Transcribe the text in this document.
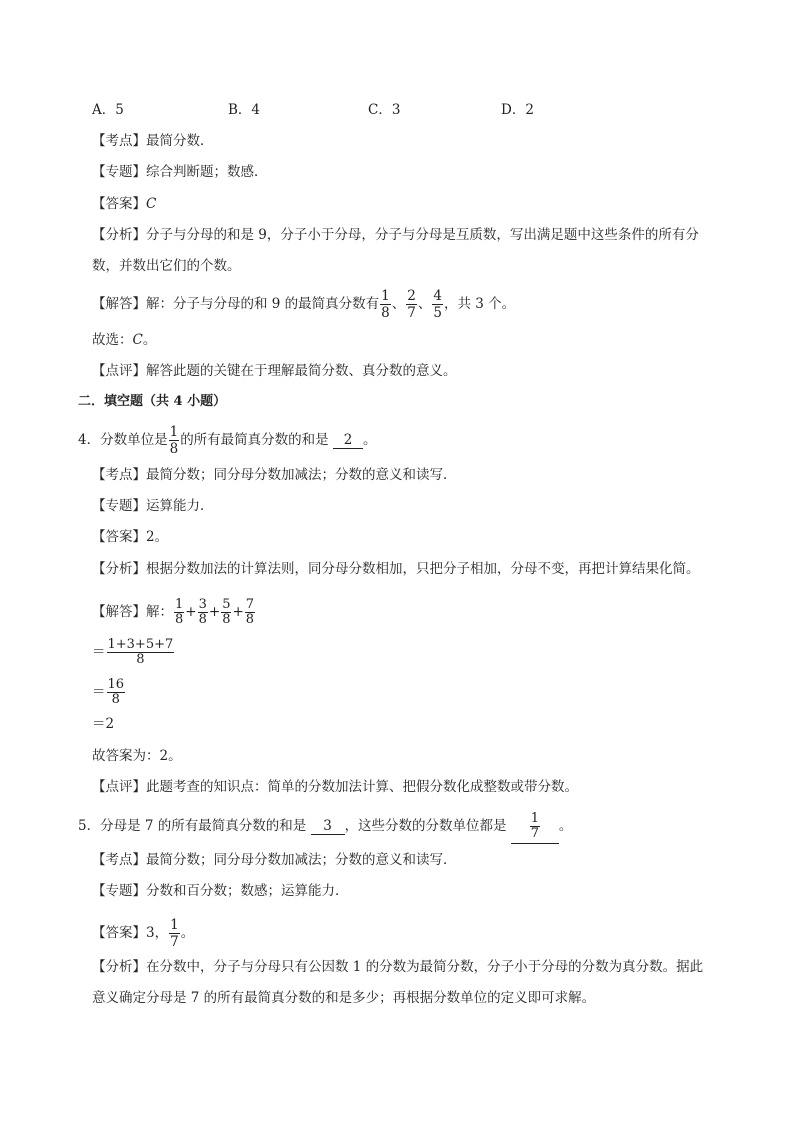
A．5	B．4	C．3	D．2
【考点】最简分数．
【专题】综合判断题；数感．
【答案】C
【分析】分子与分母的和是 9，分子小于分母，分子与分母是互质数，写出满足题中这些条件的所有分
数，并数出它们的个数。
【解答】解：分子与分母的和 9 的最简真分数有 $\frac{1}{8}$ 、 $\frac{2}{7}$ 、 $\frac{4}{5}$ ，共 3 个。
故选：C。
【点评】解答此题的关键在于理解最简分数、真分数的意义。
二．填空题（共 4 小题）
4．分数单位是 $\frac{1}{8}$ 的所有最简真分数的和是 2 。
【考点】最简分数；同分母分数加减法；分数的意义和读写．
【专题】运算能力．
【答案】2。
【分析】根据分数加法的计算法则，同分母分数相加，只把分子相加，分母不变，再把计算结果化简。
【解答】解： $\frac{1}{8} + \frac{3}{8} + \frac{5}{8} + \frac{7}{8}$
＝ $\frac{1+3+5+7}{8}$
＝ $\frac{16}{8}$
＝2
故答案为：2。
【点评】此题考查的知识点：简单的分数加法计算、把假分数化成整数或带分数。
5．分母是 7 的所有最简真分数的和是 3 ，这些分数的分数单位都是 $\frac{1}{7}$ 。
【考点】最简分数；同分母分数加减法；分数的意义和读写．
【专题】分数和百分数；数感；运算能力．
【答案】3， $\frac{1}{7}$ 。
【分析】在分数中，分子与分母只有公因数 1 的分数为最简分数，分子小于分母的分数为真分数。据此
意义确定分母是 7 的所有最简真分数的和是多少；再根据分数单位的定义即可求解。
